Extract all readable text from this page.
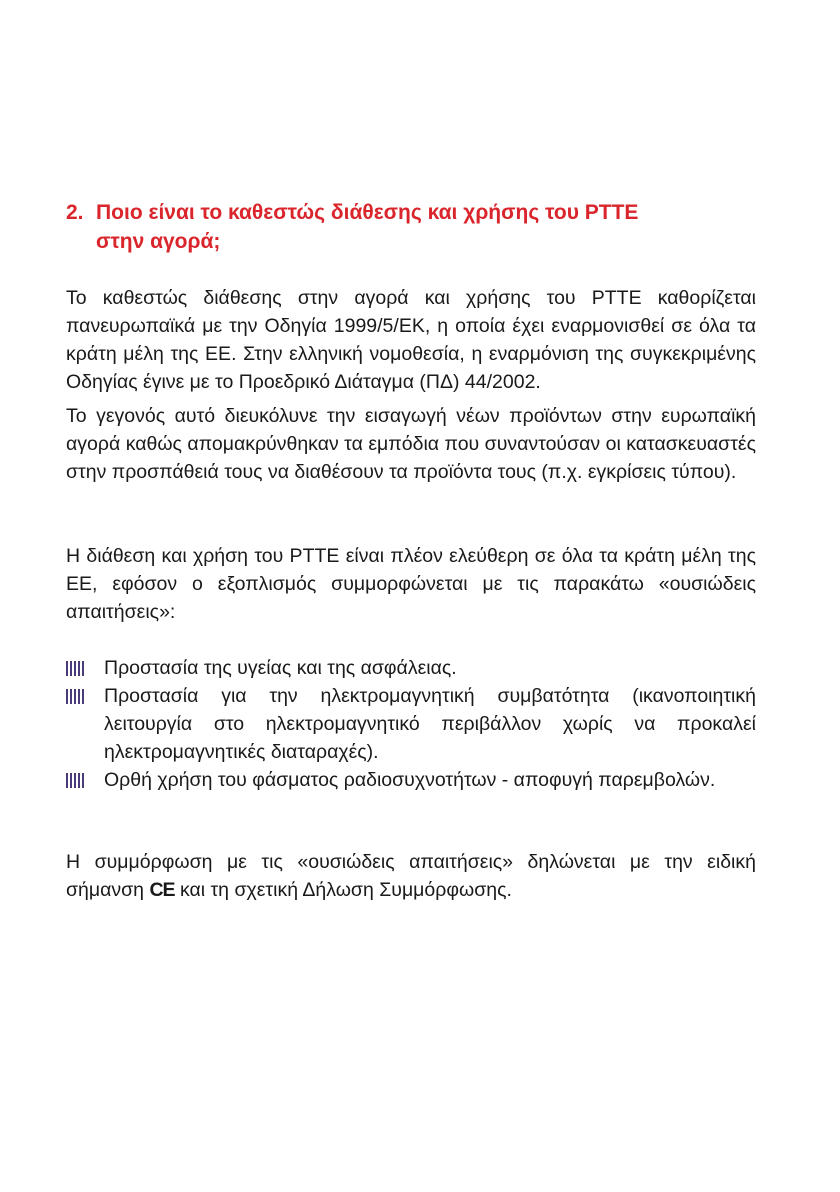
2. Ποιο είναι το καθεστώς διάθεσης και χρήσης του PTTE
στην αγορά;

Το καθεστώς διάθεσης στην αγορά και χρήσης του PTTE καθορίζεται πανευρωπαϊκά με την Οδηγία 1999/5/ΕΚ, η οποία έχει εναρμονισθεί σε όλα τα κράτη μέλη της ΕΕ. Στην ελληνική νομοθεσία, η εναρμόνιση της συγκεκριμένης Οδηγίας έγινε με το Προεδρικό Διάταγμα (ΠΔ) 44/2002.

Το γεγονός αυτό διευκόλυνε την εισαγωγή νέων προϊόντων στην ευρωπαϊκή αγορά καθώς απομακρύνθηκαν τα εμπόδια που συναντούσαν οι κατασκευαστές στην προσπάθειά τους να διαθέσουν τα προϊόντα τους (π.χ. εγκρίσεις τύπου).

Η διάθεση και χρήση του PTTE είναι πλέον ελεύθερη σε όλα τα κράτη μέλη της ΕΕ, εφόσον ο εξοπλισμός συμμορφώνεται με τις παρακάτω «ουσιώδεις απαιτήσεις»:

Προστασία της υγείας και της ασφάλειας.
Προστασία για την ηλεκτρομαγνητική συμβατότητα (ικανοποιητική λειτουργία στο ηλεκτρομαγνητικό περιβάλλον χωρίς να προκαλεί ηλεκτρομαγνητικές διαταραχές).
Ορθή χρήση του φάσματος ραδιοσυχνοτήτων - αποφυγή παρεμβολών.

Η συμμόρφωση με τις «ουσιώδεις απαιτήσεις» δηλώνεται με την ειδική σήμανση CE και τη σχετική Δήλωση Συμμόρφωσης.
